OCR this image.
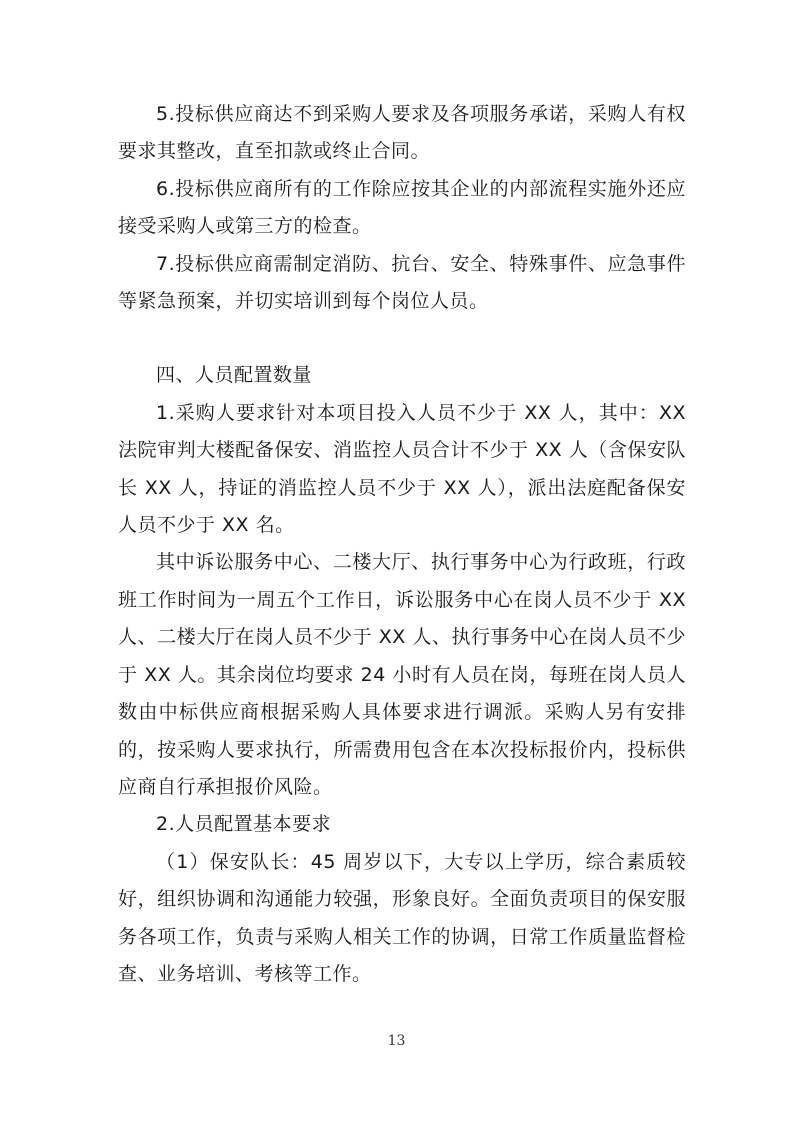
5.投标供应商达不到采购人要求及各项服务承诺，采购人有权要求其整改，直至扣款或终止合同。

6.投标供应商所有的工作除应按其企业的内部流程实施外还应接受采购人或第三方的检查。

7.投标供应商需制定消防、抗台、安全、特殊事件、应急事件等紧急预案，并切实培训到每个岗位人员。

四、人员配置数量

1.采购人要求针对本项目投入人员不少于 XX 人，其中：XX 法院审判大楼配备保安、消监控人员合计不少于 XX 人（含保安队长 XX 人，持证的消监控人员不少于 XX 人），派出法庭配备保安人员不少于 XX 名。

其中诉讼服务中心、二楼大厅、执行事务中心为行政班，行政班工作时间为一周五个工作日，诉讼服务中心在岗人员不少于 XX 人、二楼大厅在岗人员不少于 XX 人、执行事务中心在岗人员不少于 XX 人。其余岗位均要求 24 小时有人员在岗，每班在岗人员人数由中标供应商根据采购人具体要求进行调派。采购人另有安排的，按采购人要求执行，所需费用包含在本次投标报价内，投标供应商自行承担报价风险。

2.人员配置基本要求

（1）保安队长：45 周岁以下，大专以上学历，综合素质较好，组织协调和沟通能力较强，形象良好。全面负责项目的保安服务各项工作，负责与采购人相关工作的协调，日常工作质量监督检查、业务培训、考核等工作。

13
